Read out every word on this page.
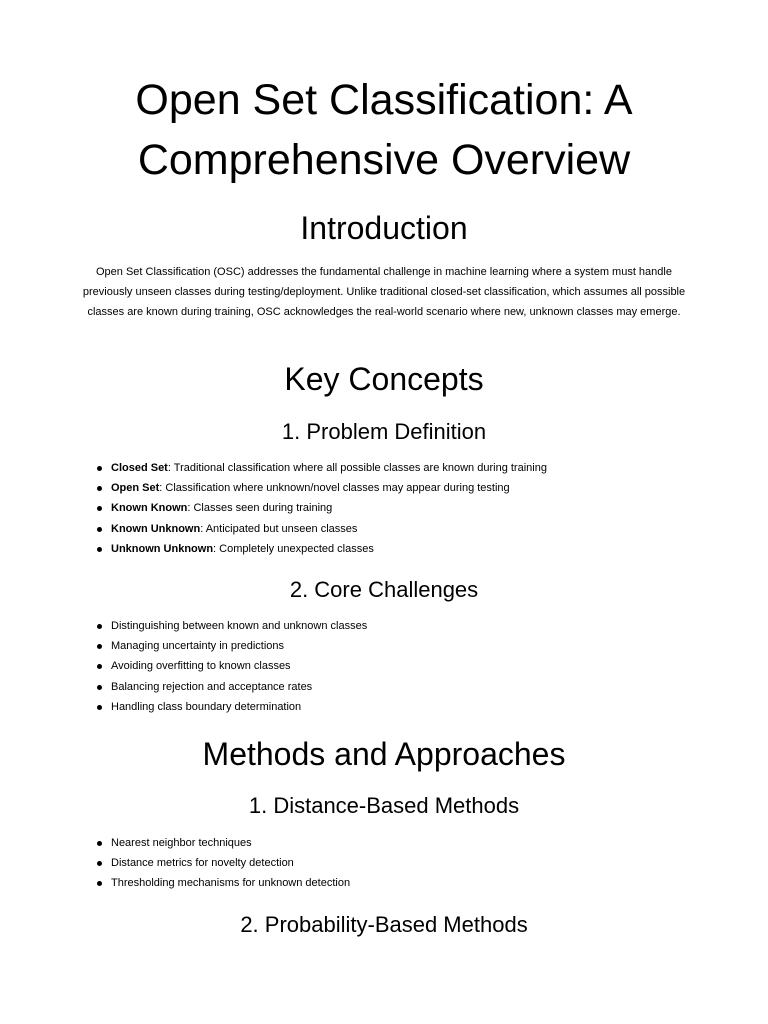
Open Set Classification: A Comprehensive Overview
Introduction

Open Set Classification (OSC) addresses the fundamental challenge in machine learning where a system must handle previously unseen classes during testing/deployment. Unlike traditional closed-set classification, which assumes all possible classes are known during training, OSC acknowledges the real-world scenario where new, unknown classes may emerge.

Key Concepts
1. Problem Definition
Closed Set: Traditional classification where all possible classes are known during training
Open Set: Classification where unknown/novel classes may appear during testing
Known Known: Classes seen during training
Known Unknown: Anticipated but unseen classes
Unknown Unknown: Completely unexpected classes
2. Core Challenges
Distinguishing between known and unknown classes
Managing uncertainty in predictions
Avoiding overfitting to known classes
Balancing rejection and acceptance rates
Handling class boundary determination
Methods and Approaches
1. Distance-Based Methods
Nearest neighbor techniques
Distance metrics for novelty detection
Thresholding mechanisms for unknown detection
2. Probability-Based Methods
